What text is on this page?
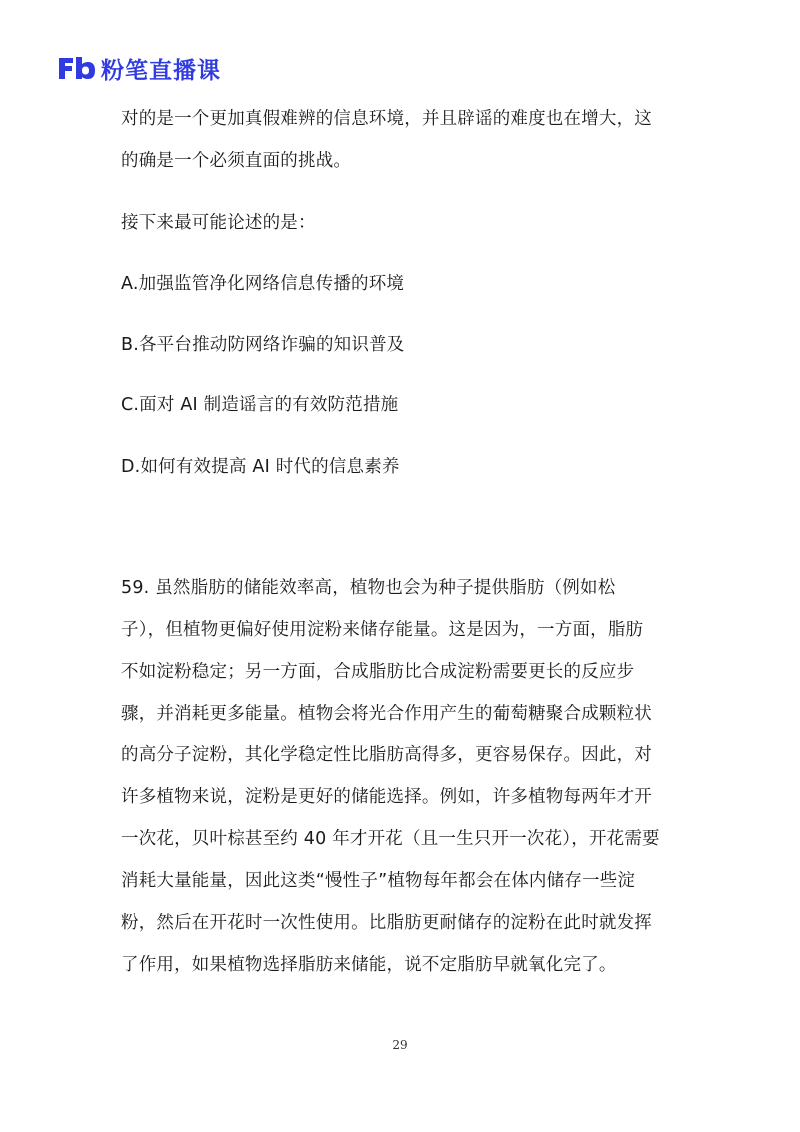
粉笔直播课
对的是一个更加真假难辨的信息环境，并且辟谣的难度也在增大，这
的确是一个必须直面的挑战。
接下来最可能论述的是：
A.加强监管净化网络信息传播的环境
B.各平台推动防网络诈骗的知识普及
C.面对 AI 制造谣言的有效防范措施
D.如何有效提高 AI 时代的信息素养
59. 虽然脂肪的储能效率高，植物也会为种子提供脂肪（例如松
子），但植物更偏好使用淀粉来储存能量。这是因为，一方面，脂肪
不如淀粉稳定；另一方面，合成脂肪比合成淀粉需要更长的反应步
骤，并消耗更多能量。植物会将光合作用产生的葡萄糖聚合成颗粒状
的高分子淀粉，其化学稳定性比脂肪高得多，更容易保存。因此，对
许多植物来说，淀粉是更好的储能选择。例如，许多植物每两年才开
一次花，贝叶棕甚至约 40 年才开花（且一生只开一次花），开花需要
消耗大量能量，因此这类“慢性子”植物每年都会在体内储存一些淀
粉，然后在开花时一次性使用。比脂肪更耐储存的淀粉在此时就发挥
了作用，如果植物选择脂肪来储能，说不定脂肪早就氧化完了。
29
